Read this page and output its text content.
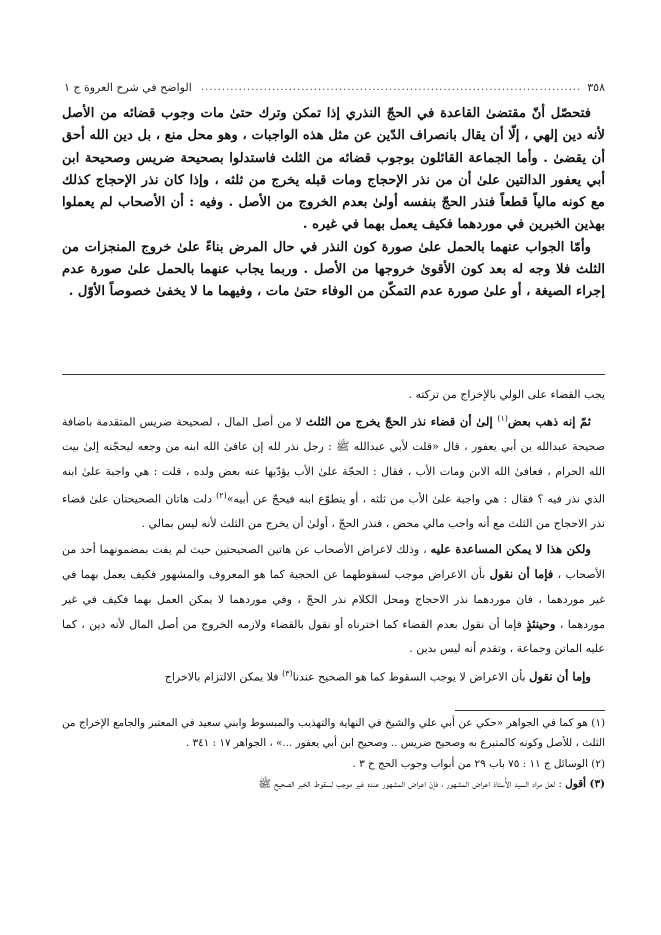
٣٥٨
...........................................................................................
الواضح في شرح العروة ج ١

فتحصّل أنّ مقتضىٰ القاعدة في الحجّ النذري إذا تمكن وترك حتىٰ مات وجوب قضائه من الأصل لأنه دين إلهي ، إلّا أن يقال بانصراف الدّين عن مثل هذه الواجبات ، وهو محل منع ، بل دين الله أحق أن يقضىٰ . وأما الجماعة القائلون بوجوب قضائه من الثلث فاستدلوا بصحيحة ضريس وصحيحة ابن أبي يعفور الدالتين علىٰ أن من نذر الإحجاج ومات قبله يخرج من ثلثه ، وإذا كان نذر الإحجاج كذلك مع كونه مالياً قطعاً فنذر الحجّ بنفسه أولىٰ بعدم الخروج من الأصل . وفيه : أن الأصحاب لم يعملوا بهذين الخبرين في موردهما فكيف يعمل بهما في غيره .

وأمّا الجواب عنهما بالحمل علىٰ صورة كون النذر في حال المرض بناءً علىٰ خروج المنجزات من الثلث فلا وجه له بعد كون الأقوىٰ خروجها من الأصل . وربما يجاب عنهما بالحمل علىٰ صورة عدم إجراء الصيغة ، أو علىٰ صورة عدم التمكّن من الوفاء حتىٰ مات ، وفيهما ما لا يخفىٰ خصوصاً الأوّل .

يجب القضاء على الولي بالإخراج من تركته .

ثمّ إنه ذهب بعض$^{(١)}$ إلىٰ أن قضاء نذر الحجّ يخرج من الثلث لا من أصل المال ، لصحيحة ضريس المتقدمة باضافة صحيحة عبدالله بن أبي يعفور ، قال «قلت لأبي عبدالله ﷺ : رجل نذر لله إن عافىٰ الله ابنه من وجعه ليحجّنه إلىٰ بيت الله الحرام ، فعافىٰ الله الابن ومات الأب ، فقال : الحجّة علىٰ الأب يؤدّيها عنه بعض ولده ، قلت : هي واجبة علىٰ ابنه الذي نذر فيه ؟ فقال : هي واجبة علىٰ الأب من ثلثه ، أو يتطوّع ابنه فيحجّ عن أبيه»$^{(٢)}$ دلت هاتان الصحيحتان علىٰ قضاء نذر الاحجاج من الثلث مع أنه واجب مالي محض ، فنذر الحجّ ، أولىٰ أن يخرج من الثلث لأنه ليس بمالي .

ولكن هذا لا يمكن المساعدة عليه ، وذلك لاعراض الأصحاب عن هاتين الصحيحتين حيث لم يفت بمضمونهما أحد من الأصحاب ، فإما أن نقول بأن الاعراض موجب لسقوطهما عن الحجية كما هو المعروف والمشهور فكيف يعمل بهما في غير موردهما ، فان موردهما نذر الاحجاج ومحل الكلام نذر الحجّ ، وفي موردهما لا يمكن العمل بهما فكيف في غير موردهما ، وحينئذٍ فإما أن نقول بعدم القضاء كما اخترناه أو نقول بالقضاء ولازمه الخروج من أصل المال لأنه دين ، كما عليه الماتن وجماعة ، وتقدم أنه ليس بدين .

وإما أن نقول بأن الاعراض لا يوجب السقوط كما هو الصحيح عندنا$^{(٣)}$ فلا يمكن الالتزام بالاخراج

(١) هو كما في الجواهر «حكي عن أبي علي والشيخ في النهاية والتهذيب والمبسوط وابني سعيد في المعتبر والجامع الإخراج من الثلث ، للأصل وكونه كالمتبرع به وصحيح ضريس .. وصحيح ابن أبي يعفور ...» ، الجواهر ١٧ : ٣٤١ .

(٢) الوسائل ج ١١ : ٧٥ باب ٢٩ من أبواب وجوب الحج ح ٣ .

(٣) أقول : لعل مراد السيد الأُستاذ اعراض المشهور ، فإنّ اعراض المشهور عنده غير موجب لسقوط الخبر الصحيح ﷺ
